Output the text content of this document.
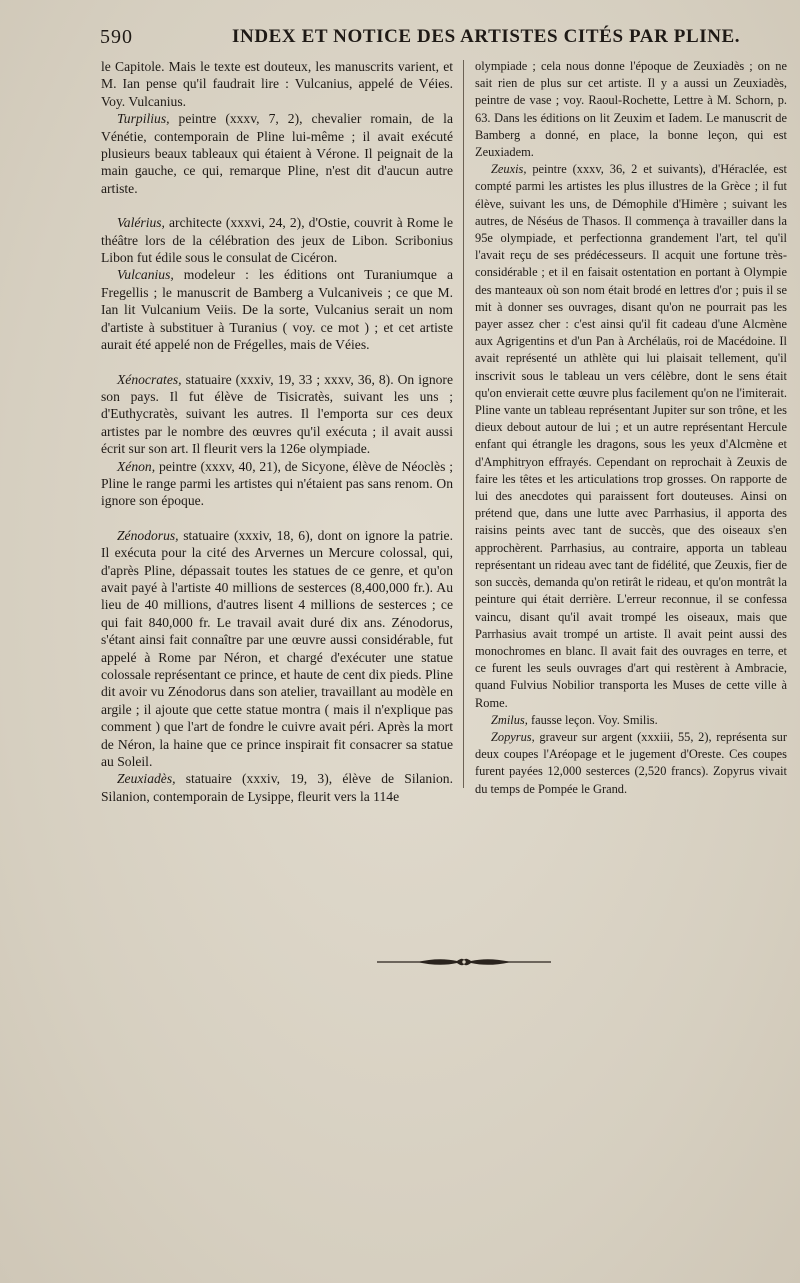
590	INDEX ET NOTICE DES ARTISTES CITÉS PAR PLINE.

le Capitole. Mais le texte est douteux, les manuscrits varient, et M. Ian pense qu'il faudrait lire : Vulcanius, appelé de Véies. Voy. Vulcanius.

Turpilius, peintre (xxxv, 7, 2), chevalier romain, de la Vénétie, contemporain de Pline lui-même ; il avait exécuté plusieurs beaux tableaux qui étaient à Vérone. Il peignait de la main gauche, ce qui, remarque Pline, n'est dit d'aucun autre artiste.

Valérius, architecte (xxxvi, 24, 2), d'Ostie, couvrit à Rome le théâtre lors de la célébration des jeux de Libon. Scribonius Libon fut édile sous le consulat de Cicéron.

Vulcanius, modeleur : les éditions ont Turaniumque a Fregellis ; le manuscrit de Bamberg a Vulcaniveis ; ce que M. Ian lit Vulcanium Veiis. De la sorte, Vulcanius serait un nom d'artiste à substituer à Turanius ( voy. ce mot ) ; et cet artiste aurait été appelé non de Frégelles, mais de Véies.

Xénocrates, statuaire (xxxiv, 19, 33 ; xxxv, 36, 8). On ignore son pays. Il fut élève de Tisicratès, suivant les uns ; d'Euthycratès, suivant les autres. Il l'emporta sur ces deux artistes par le nombre des œuvres qu'il exécuta ; il avait aussi écrit sur son art. Il fleurit vers la 126e olympiade.

Xénon, peintre (xxxv, 40, 21), de Sicyone, élève de Néoclès ; Pline le range parmi les artistes qui n'étaient pas sans renom. On ignore son époque.

Zénodorus, statuaire (xxxiv, 18, 6), dont on ignore la patrie. Il exécuta pour la cité des Arvernes un Mercure colossal, qui, d'après Pline, dépassait toutes les statues de ce genre, et qu'on avait payé à l'artiste 40 millions de sesterces (8,400,000 fr.). Au lieu de 40 millions, d'autres lisent 4 millions de sesterces ; ce qui fait 840,000 fr. Le travail avait duré dix ans. Zénodorus, s'étant ainsi fait connaître par une œuvre aussi considérable, fut appelé à Rome par Néron, et chargé d'exécuter une statue colossale représentant ce prince, et haute de cent dix pieds. Pline dit avoir vu Zénodorus dans son atelier, travaillant au modèle en argile ; il ajoute que cette statue montra ( mais il n'explique pas comment ) que l'art de fondre le cuivre avait péri. Après la mort de Néron, la haine que ce prince inspirait fit consacrer sa statue au Soleil.

Zeuxiadès, statuaire (xxxiv, 19, 3), élève de Silanion. Silanion, contemporain de Lysippe, fleurit vers la 114e

olympiade ; cela nous donne l'époque de Zeuxiadès ; on ne sait rien de plus sur cet artiste. Il y a aussi un Zeuxiadès, peintre de vase ; voy. Raoul-Rochette, Lettre à M. Schorn, p. 63. Dans les éditions on lit Zeuxim et Iadem. Le manuscrit de Bamberg a donné, en place, la bonne leçon, qui est Zeuxiadem.

Zeuxis, peintre (xxxv, 36, 2 et suivants), d'Héraclée, est compté parmi les artistes les plus illustres de la Grèce ; il fut élève, suivant les uns, de Démophile d'Himère ; suivant les autres, de Néséus de Thasos. Il commença à travailler dans la 95e olympiade, et perfectionna grandement l'art, tel qu'il l'avait reçu de ses prédécesseurs. Il acquit une fortune très-considérable ; et il en faisait ostentation en portant à Olympie des manteaux où son nom était brodé en lettres d'or ; puis il se mit à donner ses ouvrages, disant qu'on ne pourrait pas les payer assez cher : c'est ainsi qu'il fit cadeau d'une Alcmène aux Agrigentins et d'un Pan à Archélaüs, roi de Macédoine. Il avait représenté un athlète qui lui plaisait tellement, qu'il inscrivit sous le tableau un vers célèbre, dont le sens était qu'on envierait cette œuvre plus facilement qu'on ne l'imiterait. Pline vante un tableau représentant Jupiter sur son trône, et les dieux debout autour de lui ; et un autre représentant Hercule enfant qui étrangle les dragons, sous les yeux d'Alcmène et d'Amphitryon effrayés. Cependant on reprochait à Zeuxis de faire les têtes et les articulations trop grosses. On rapporte de lui des anecdotes qui paraissent fort douteuses. Ainsi on prétend que, dans une lutte avec Parrhasius, il apporta des raisins peints avec tant de succès, que des oiseaux s'en approchèrent. Parrhasius, au contraire, apporta un tableau représentant un rideau avec tant de fidélité, que Zeuxis, fier de son succès, demanda qu'on retirât le rideau, et qu'on montrât la peinture qui était derrière. L'erreur reconnue, il se confessa vaincu, disant qu'il avait trompé les oiseaux, mais que Parrhasius avait trompé un artiste. Il avait peint aussi des monochromes en blanc. Il avait fait des ouvrages en terre, et ce furent les seuls ouvrages d'art qui restèrent à Ambracie, quand Fulvius Nobilior transporta les Muses de cette ville à Rome.

Zmilus, fausse leçon. Voy. Smilis.

Zopyrus, graveur sur argent (xxxiii, 55, 2), représenta sur deux coupes l'Aréopage et le jugement d'Oreste. Ces coupes furent payées 12,000 sesterces (2,520 francs). Zopyrus vivait du temps de Pompée le Grand.
